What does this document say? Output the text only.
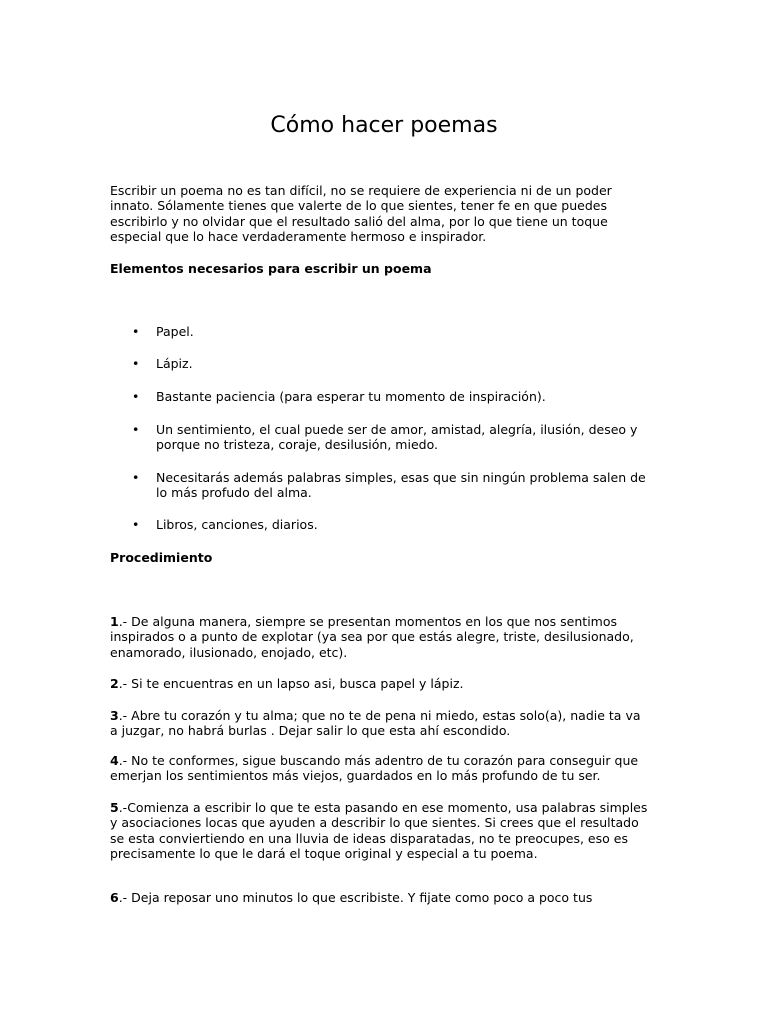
Cómo hacer poemas

Escribir un poema no es tan difícil, no se requiere de experiencia ni de un poder innato. Sólamente tienes que valerte de lo que sientes, tener fe en que puedes escribirlo y no olvidar que el resultado salió del alma, por lo que tiene un toque especial que lo hace verdaderamente hermoso e inspirador.

Elementos necesarios para escribir un poema

• Papel.
• Lápiz.
• Bastante paciencia (para esperar tu momento de inspiración).
• Un sentimiento, el cual puede ser de amor, amistad, alegría, ilusión, deseo y porque no tristeza, coraje, desilusión, miedo.
• Necesitarás además palabras simples, esas que sin ningún problema salen de lo más profudo del alma.
• Libros, canciones, diarios.

Procedimiento

1.- De alguna manera, siempre se presentan momentos en los que nos sentimos inspirados o a punto de explotar (ya sea por que estás alegre, triste, desilusionado, enamorado, ilusionado, enojado, etc).

2.- Si te encuentras en un lapso asi, busca papel y lápiz.

3.- Abre tu corazón y tu alma; que no te de pena ni miedo, estas solo(a), nadie ta va a juzgar, no habrá burlas . Dejar salir lo que esta ahí escondido.

4.- No te conformes, sigue buscando más adentro de tu corazón para conseguir que emerjan los sentimientos más viejos, guardados en lo más profundo de tu ser.

5.-Comienza a escribir lo que te esta pasando en ese momento, usa palabras simples y asociaciones locas que ayuden a describir lo que sientes. Si crees que el resultado se esta conviertiendo en una lluvia de ideas disparatadas, no te preocupes, eso es precisamente lo que le dará el toque original y especial a tu poema.

6.- Deja reposar uno minutos lo que escribiste. Y fijate como poco a poco tus
